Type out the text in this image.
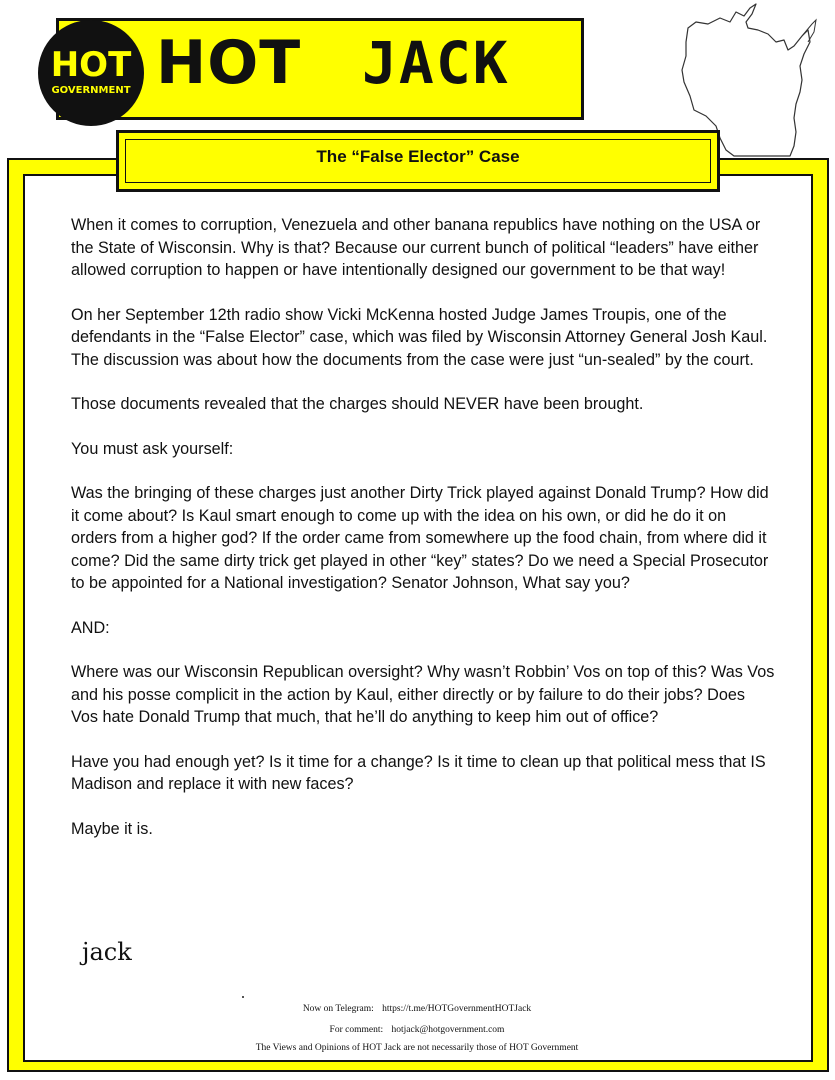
HOT
GOVERNMENT HOT JACK
The “False Elector” Case

When it comes to corruption, Venezuela and other banana republics have nothing on the USA or the State of Wisconsin. Why is that? Because our current bunch of political “leaders” have either allowed corruption to happen or have intentionally designed our government to be that way!

On her September 12th radio show Vicki McKenna hosted Judge James Troupis, one of the defendants in the “False Elector” case, which was filed by Wisconsin Attorney General Josh Kaul. The discussion was about how the documents from the case were just “un-sealed” by the court.

Those documents revealed that the charges should NEVER have been brought.

You must ask yourself:

Was the bringing of these charges just another Dirty Trick played against Donald Trump? How did it come about? Is Kaul smart enough to come up with the idea on his own, or did he do it on orders from a higher god? If the order came from somewhere up the food chain, from where did it come? Did the same dirty trick get played in other “key” states? Do we need a Special Prosecutor to be appointed for a National investigation? Senator Johnson, What say you?

AND:

Where was our Wisconsin Republican oversight? Why wasn’t Robbin’ Vos on top of this? Was Vos and his posse complicit in the action by Kaul, either directly or by failure to do their jobs? Does Vos hate Donald Trump that much, that he’ll do anything to keep him out of office?

Have you had enough yet? Is it time for a change? Is it time to clean up that political mess that IS Madison and replace it with new faces?

Maybe it is.

jack
Now on Telegram: https://t.me/HOTGovernmentHOTJack
For comment: hotjack@hotgovernment.com
The Views and Opinions of HOT Jack are not necessarily those of HOT Government
